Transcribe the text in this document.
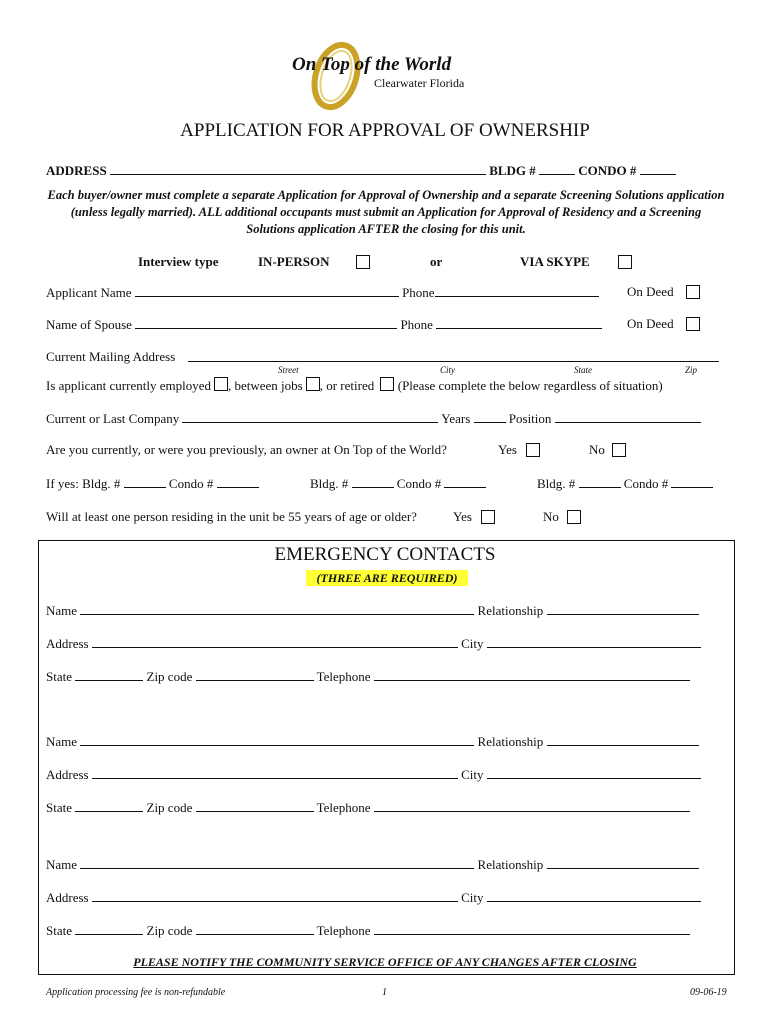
On Top of the World
Clearwater Florida
APPLICATION FOR APPROVAL OF OWNERSHIP
ADDRESS	BLDG #	CONDO #
Each buyer/owner must complete a separate Application for Approval of Ownership and a separate Screening Solutions application (unless legally married). ALL additional occupants must submit an Application for Approval of Residency and a Screening Solutions application AFTER the closing for this unit.
Interview type	IN-PERSON	or	VIA SKYPE
Applicant Name	Phone	On Deed
Name of Spouse	Phone	On Deed
Current Mailing Address
Street	City	State	Zip
Is applicant currently employed , between jobs , or retired (Please complete the below regardless of situation)
Current or Last Company	Years	Position
Are you currently, or were you previously, an owner at On Top of the World?	Yes	No
If yes: Bldg. #	Condo #	Bldg. #	Condo #	Bldg. #	Condo #
Will at least one person residing in the unit be 55 years of age or older?	Yes	No
EMERGENCY CONTACTS
(THREE ARE REQUIRED)
Name	Relationship
Address	City
State	Zip code	Telephone
Name	Relationship
Address	City
State	Zip code	Telephone
Name	Relationship
Address	City
State	Zip code	Telephone
PLEASE NOTIFY THE COMMUNITY SERVICE OFFICE OF ANY CHANGES AFTER CLOSING
Application processing fee is non-refundable	1	09-06-19
